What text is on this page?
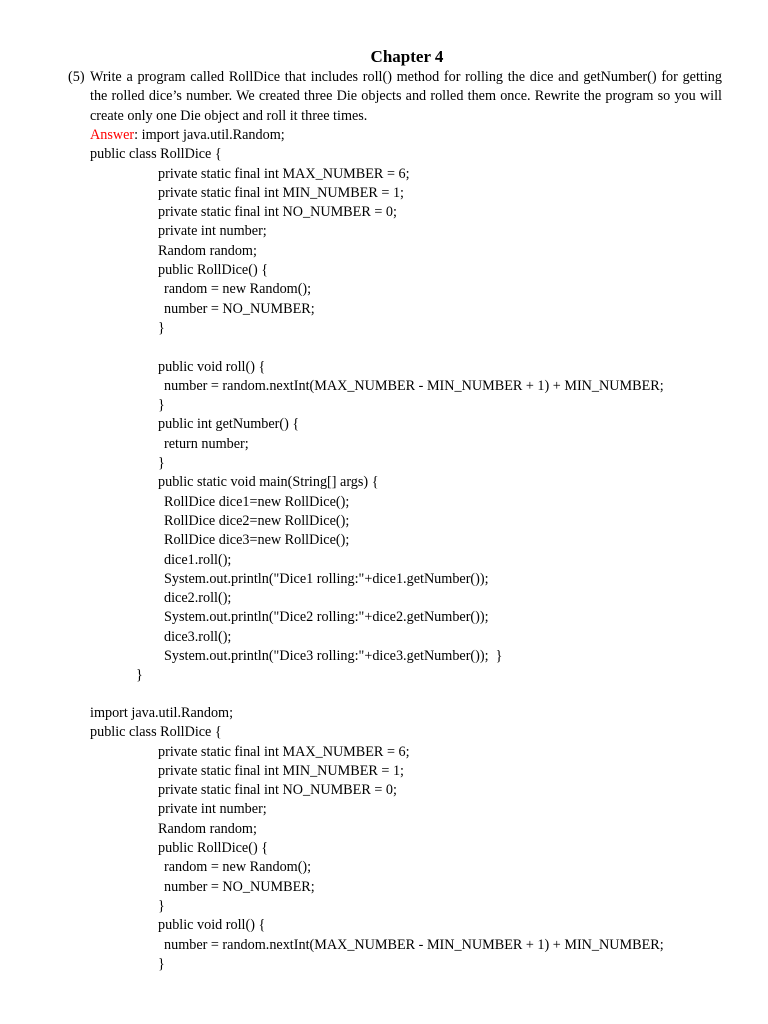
Chapter 4
(5) Write a program called RollDice that includes roll() method for rolling the dice and getNumber() for getting the rolled dice’s number. We created three Die objects and rolled them once. Rewrite the program so you will create only one Die object and roll it three times.
Answer: import java.util.Random;
public class RollDice {
private static final int MAX_NUMBER = 6;
private static final int MIN_NUMBER = 1;
private static final int NO_NUMBER = 0;
private int number;
Random random;
public RollDice() {
random = new Random();
number = NO_NUMBER;
}
public void roll() {
number = random.nextInt(MAX_NUMBER - MIN_NUMBER + 1) + MIN_NUMBER;
}
public int getNumber() {
return number;
}
public static void main(String[] args) {
RollDice dice1=new RollDice();
RollDice dice2=new RollDice();
RollDice dice3=new RollDice();
dice1.roll();
System.out.println("Dice1 rolling:"+dice1.getNumber());
dice2.roll();
System.out.println("Dice2 rolling:"+dice2.getNumber());
dice3.roll();
System.out.println("Dice3 rolling:"+dice3.getNumber());  }
}
import java.util.Random;
public class RollDice {
private static final int MAX_NUMBER = 6;
private static final int MIN_NUMBER = 1;
private static final int NO_NUMBER = 0;
private int number;
Random random;
public RollDice() {
random = new Random();
number = NO_NUMBER;
}
public void roll() {
number = random.nextInt(MAX_NUMBER - MIN_NUMBER + 1) + MIN_NUMBER;
}
